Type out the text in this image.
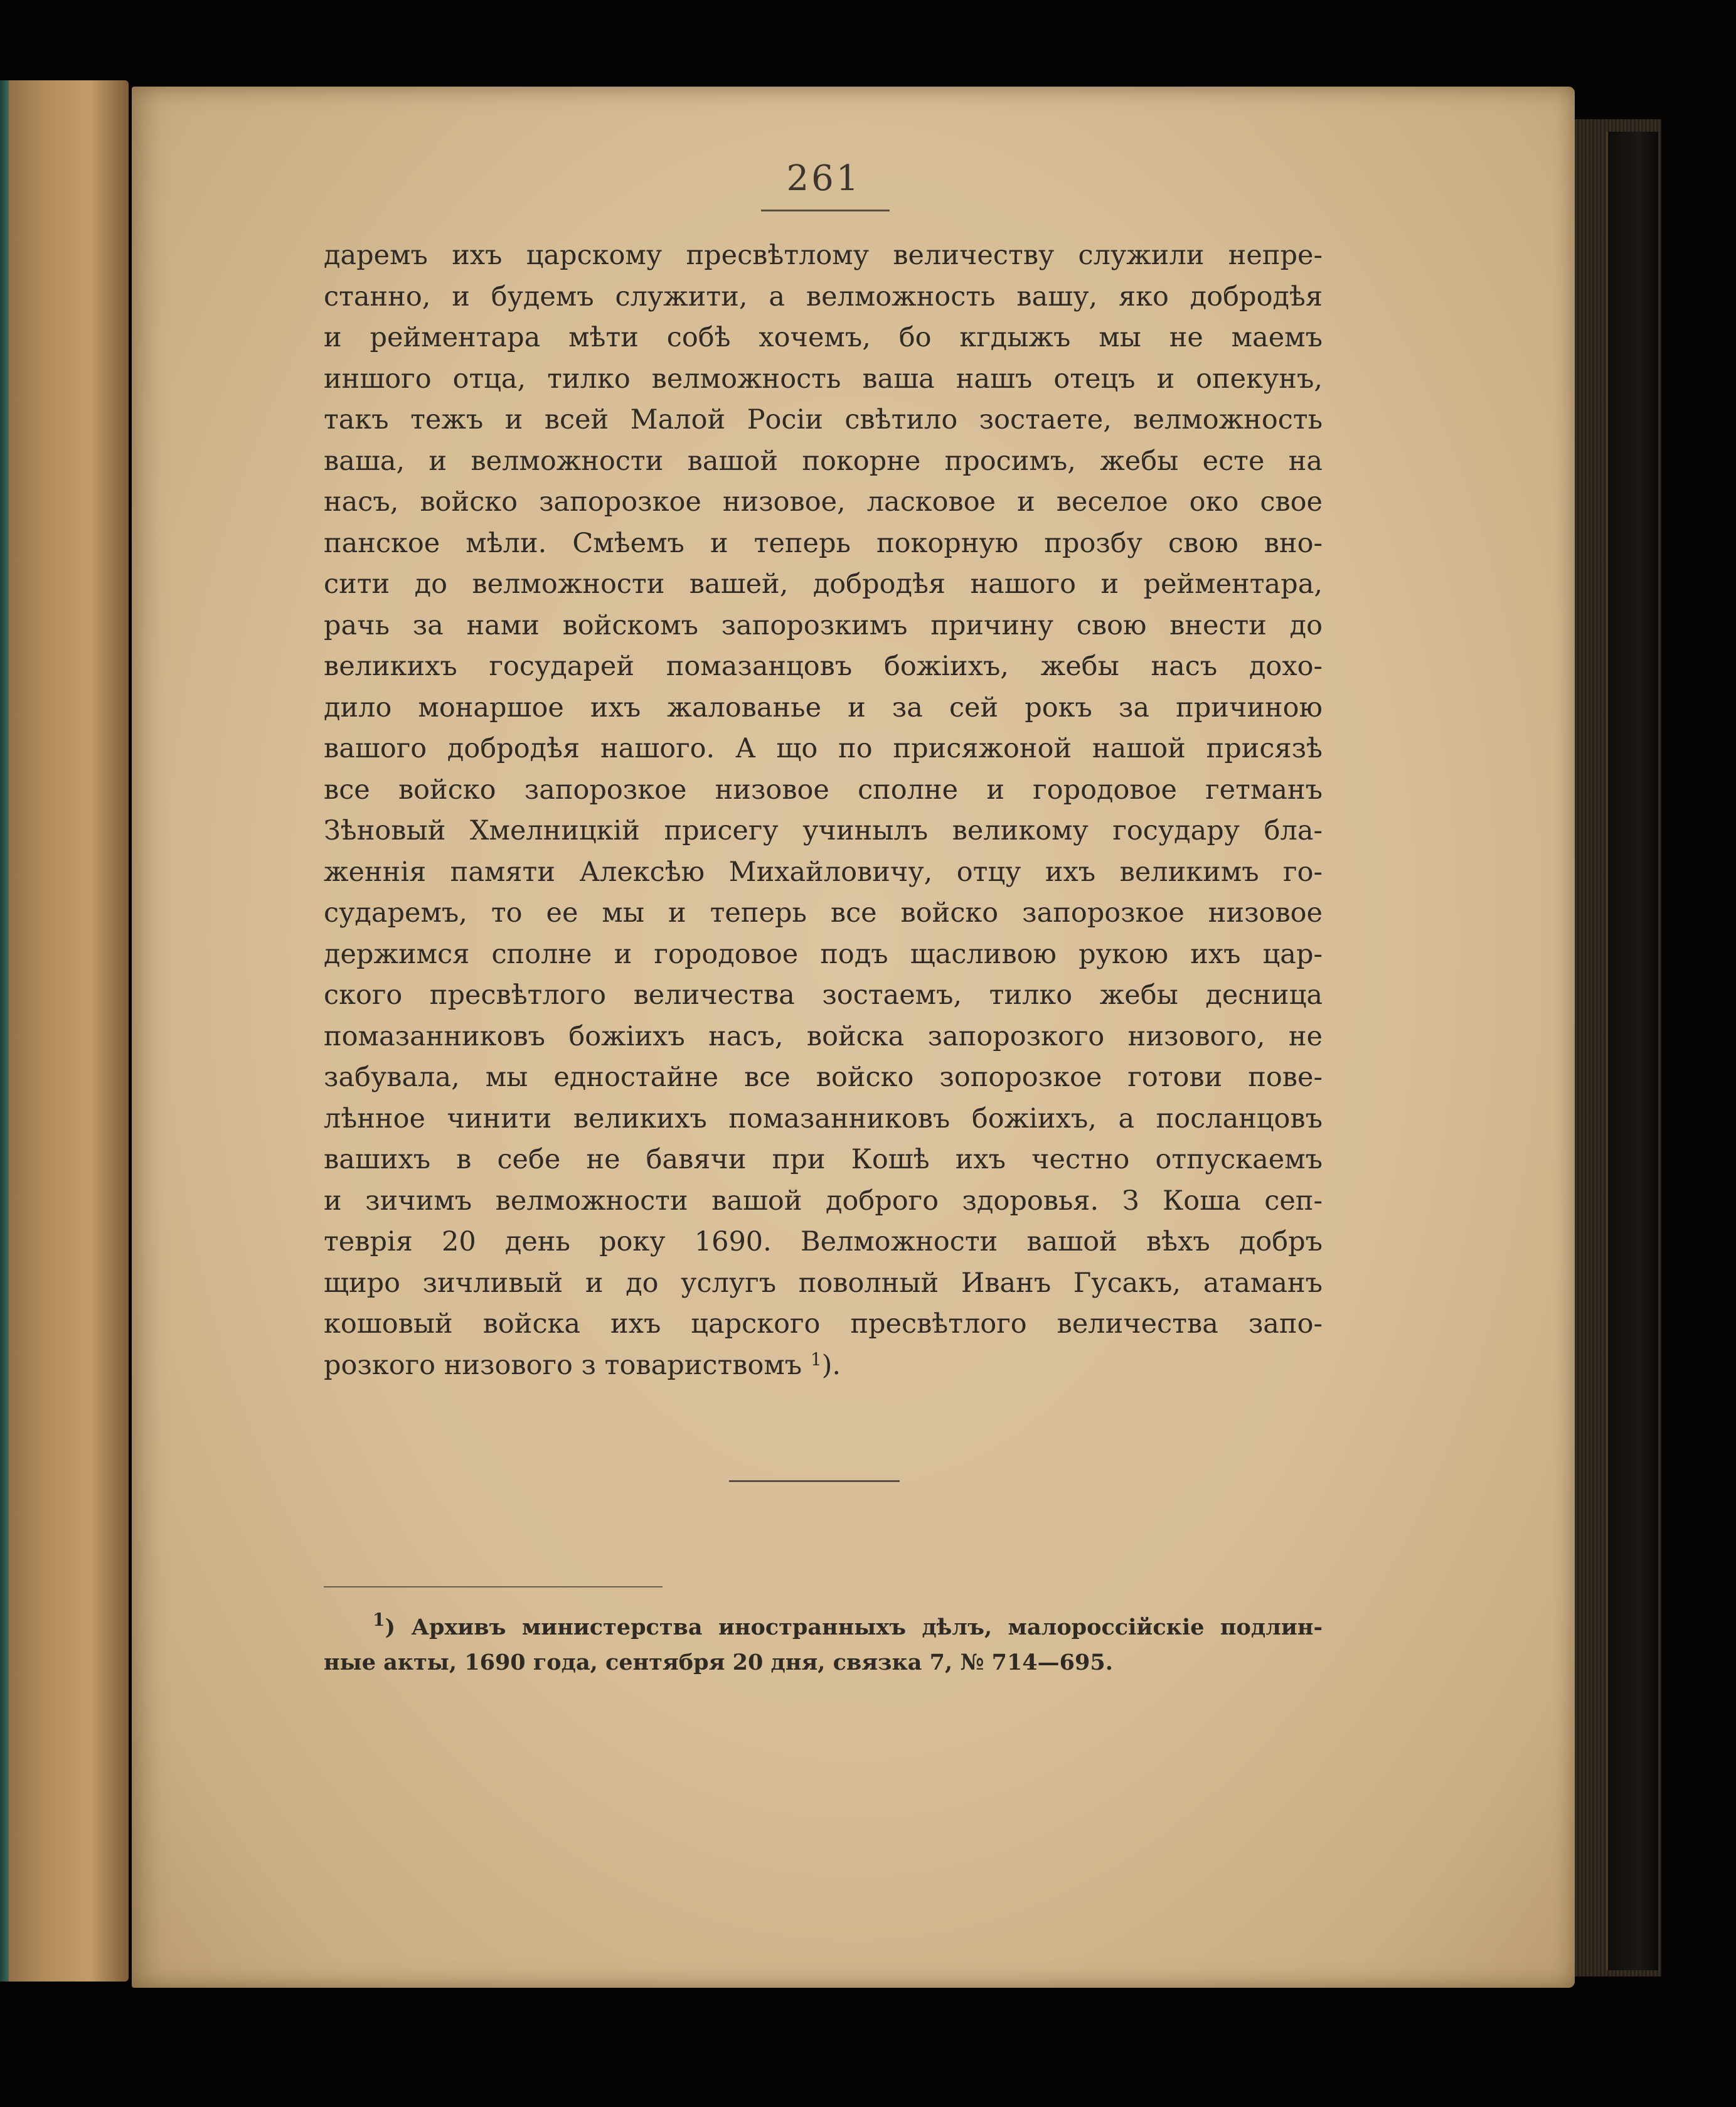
261
даремъ ихъ царскому пресвѣтлому величеству служили непре-
станно, и будемъ служити, а велможность вашу, яко добродѣя
и рейментара мѣти собѣ хочемъ, бо кгдыжъ мы не маемъ
иншого отца, тилко велможность ваша нашъ отецъ и опекунъ,
такъ тежъ и всей Малой Росiи свѣтило зостаете, велможность
ваша, и велможности вашой покорне просимъ, жебы есте на
насъ, войско запорозкое низовое, ласковое и веселое око свое
панское мѣли. Смѣемъ и теперь покорную прозбу свою вно-
сити до велможности вашей, добродѣя нашого и рейментара,
рачь за нами войскомъ запорозкимъ причину свою внести до
великихъ государей помазанцовъ божiихъ, жебы насъ дохо-
дило монаршое ихъ жалованье и за сей рокъ за причиною
вашого добродѣя нашого. А що по присяжоной нашой присязѣ
все войско запорозкое низовое сполне и городовое гетманъ
Зѣновый Хмелницкiй присегу учинылъ великому государу бла-
женнiя памяти Алексѣю Михайловичу, отцу ихъ великимъ го-
сударемъ, то ее мы и теперь все войско запорозкое низовое
держимся сполне и городовое подъ щасливою рукою ихъ цар-
ского пресвѣтлого величества зостаемъ, тилко жебы десница
помазанниковъ божiихъ насъ, войска запорозкого низового, не
забувала, мы едностайне все войско зопорозкое готови пове-
лѣнное чинити великихъ помазанниковъ божiихъ, а посланцовъ
вашихъ в себе не бавячи при Кошѣ ихъ честно отпускаемъ
и зичимъ велможности вашой доброго здоровья. З Коша сеп-
теврiя 20 день року 1690. Велможности вашой вѣхъ добръ
щиро зичливый и до услугъ поволный Иванъ Гусакъ, атаманъ
кошовый войска ихъ царского пресвѣтлого величества запо-
розкого низового з товариствомъ $^1$).
$^1$) Архивъ министерства иностранныхъ дѣлъ, малороссiйскiе подлин-
ные акты, 1690 года, сентября 20 дня, связка 7, № 714—695.
